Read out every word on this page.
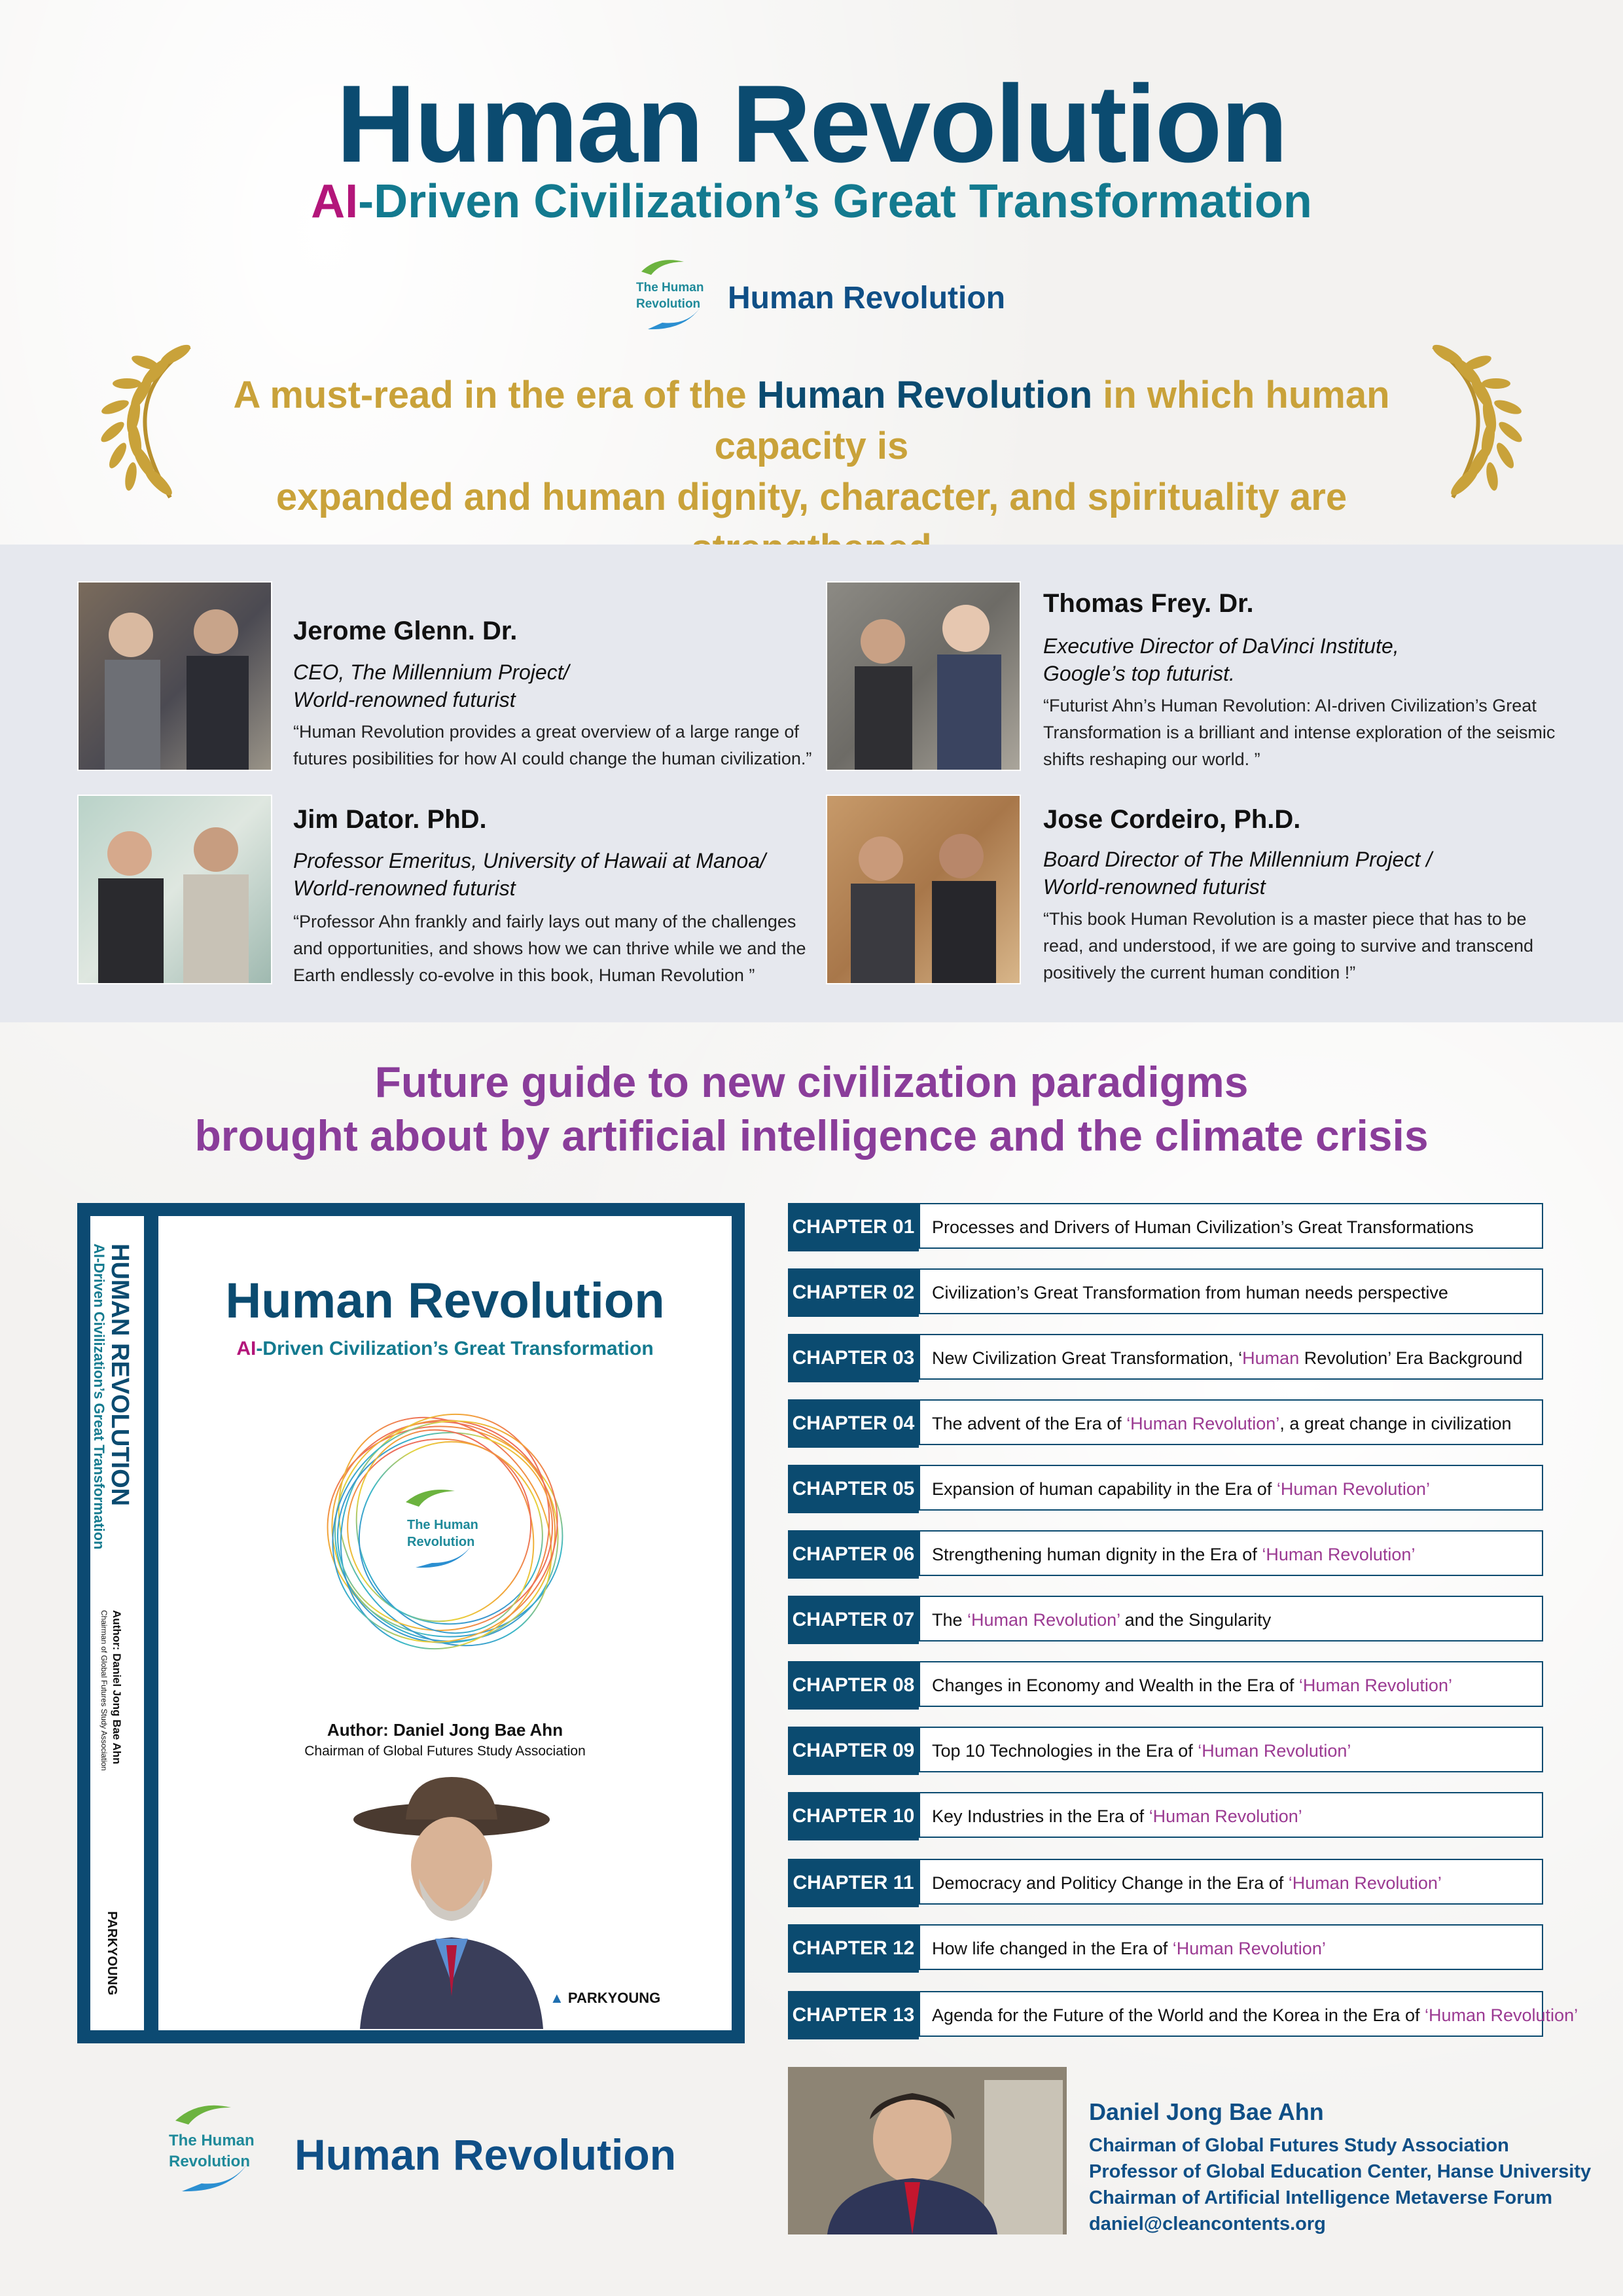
Human Revolution
AI-Driven Civilization’s Great Transformation
The Human
Revolution Human Revolution
A must-read in the era of the Human Revolution in which human capacity is
expanded and human dignity, character, and spirituality are
Jerome Glenn. Dr.
CEO, The Millennium Project/
World-renowned futurist
“Human Revolution provides a great overview of a large range of
futures posibilities for how AI could change the human civilization.”
Thomas Frey. Dr.
Executive Director of DaVinci Institute,
Google’s top futurist.
“Futurist Ahn’s Human Revolution: AI-driven Civilization’s Great
Transformation is a brilliant and intense exploration of the seismic
shifts reshaping our world. ”
Jim Dator. PhD.
Professor Emeritus, University of Hawaii at Manoa/
World-renowned futurist
“Professor Ahn frankly and fairly lays out many of the challenges
and opportunities, and shows how we can thrive while we and the
Earth endlessly co-evolve in this book, Human Revolution ”
Jose Cordeiro, Ph.D.
Board Director of The Millennium Project /
World-renowned futurist
“This book Human Revolution is a master piece that has to be
read, and understood, if we are going to survive and transcend
positively the current human condition !”
Future guide to new civilization paradigms
brought about by artificial intelligence and the climate crisis
HUMAN REVOLUTION
AI-Driven Civilization’s Great Transformation
Author: Daniel Jong Bae Ahn
Chairman of Global Futures Study Association
PARKYOUNG
Human Revolution
AI-Driven Civilization’s Great Transformation
The Human
Revolution
Author: Daniel Jong Bae Ahn
Chairman of Global Futures Study Association
▲ PARKYOUNG
CHAPTER 01 Processes and Drivers of Human Civilization’s Great Transformations
CHAPTER 02 Civilization’s Great Transformation from human needs perspective
CHAPTER 03 New Civilization Great Transformation, ‘Human Revolution’ Era Background
CHAPTER 04 The advent of the Era of ‘Human Revolution’, a great change in civilization
CHAPTER 05 Expansion of human capability in the Era of ‘Human Revolution’
CHAPTER 06 Strengthening human dignity in the Era of ‘Human Revolution’
CHAPTER 07 The ‘Human Revolution’ and the Singularity
CHAPTER 08 Changes in Economy and Wealth in the Era of ‘Human Revolution’
CHAPTER 09 Top 10 Technologies in the Era of ‘Human Revolution’
CHAPTER 10 Key Industries in the Era of ‘Human Revolution’
CHAPTER 11	Democracy and Politicy Change in the Era of ‘Human Revolution’
CHAPTER 12 How life changed in the Era of ‘Human Revolution’
CHAPTER 13 Agenda for the Future of the World and the Korea in the Era of ‘Human Revolution’
The Human
Revolution Human Revolution
Daniel Jong Bae Ahn
Chairman of Global Futures Study Association
Professor of Global Education Center, Hanse University
Chairman of Artificial Intelligence Metaverse Forum
daniel@cleancontents.org
